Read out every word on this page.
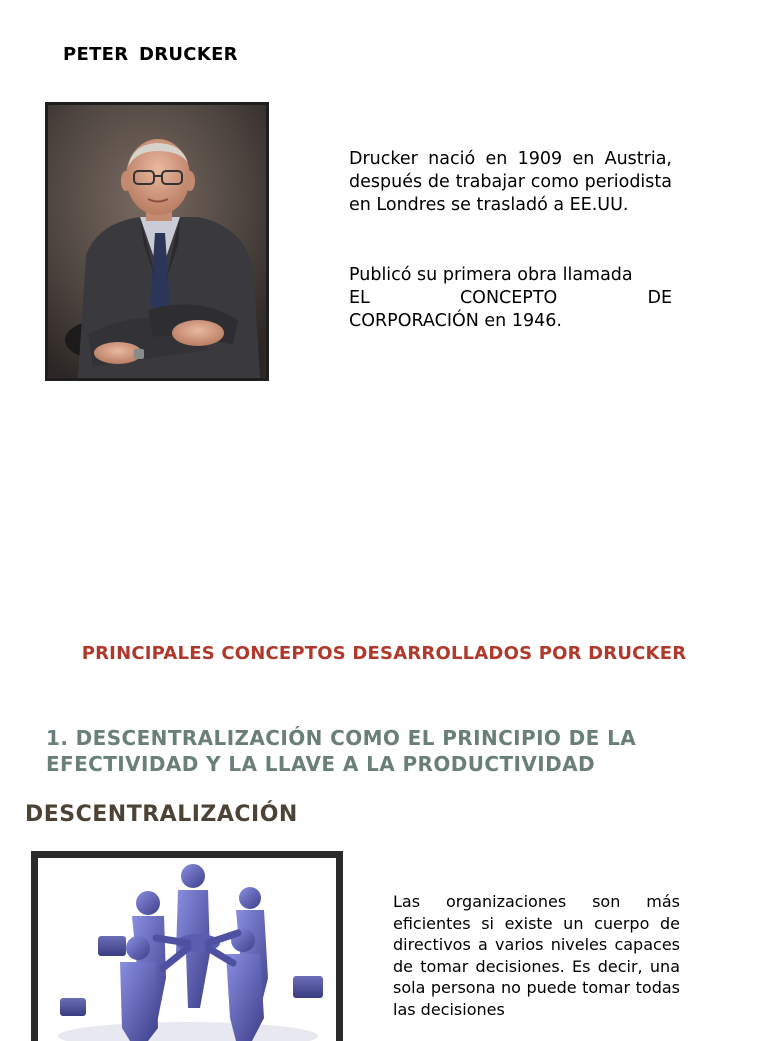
PETER DRUCKER
Drucker nació en 1909 en Austria, después de trabajar como periodista en Londres se trasladó a EE.UU.
Publicó su primera obra llamada
EL CONCEPTO DE
CORPORACIÓN en 1946.
PRINCIPALES CONCEPTOS DESARROLLADOS POR DRUCKER
1. DESCENTRALIZACIÓN COMO EL PRINCIPIO DE LA EFECTIVIDAD Y LA LLAVE A LA PRODUCTIVIDAD
DESCENTRALIZACIÓN
Las organizaciones son más eficientes si existe un cuerpo de directivos a varios niveles capaces de tomar decisiones. Es decir, una sola persona no puede tomar todas las decisiones
